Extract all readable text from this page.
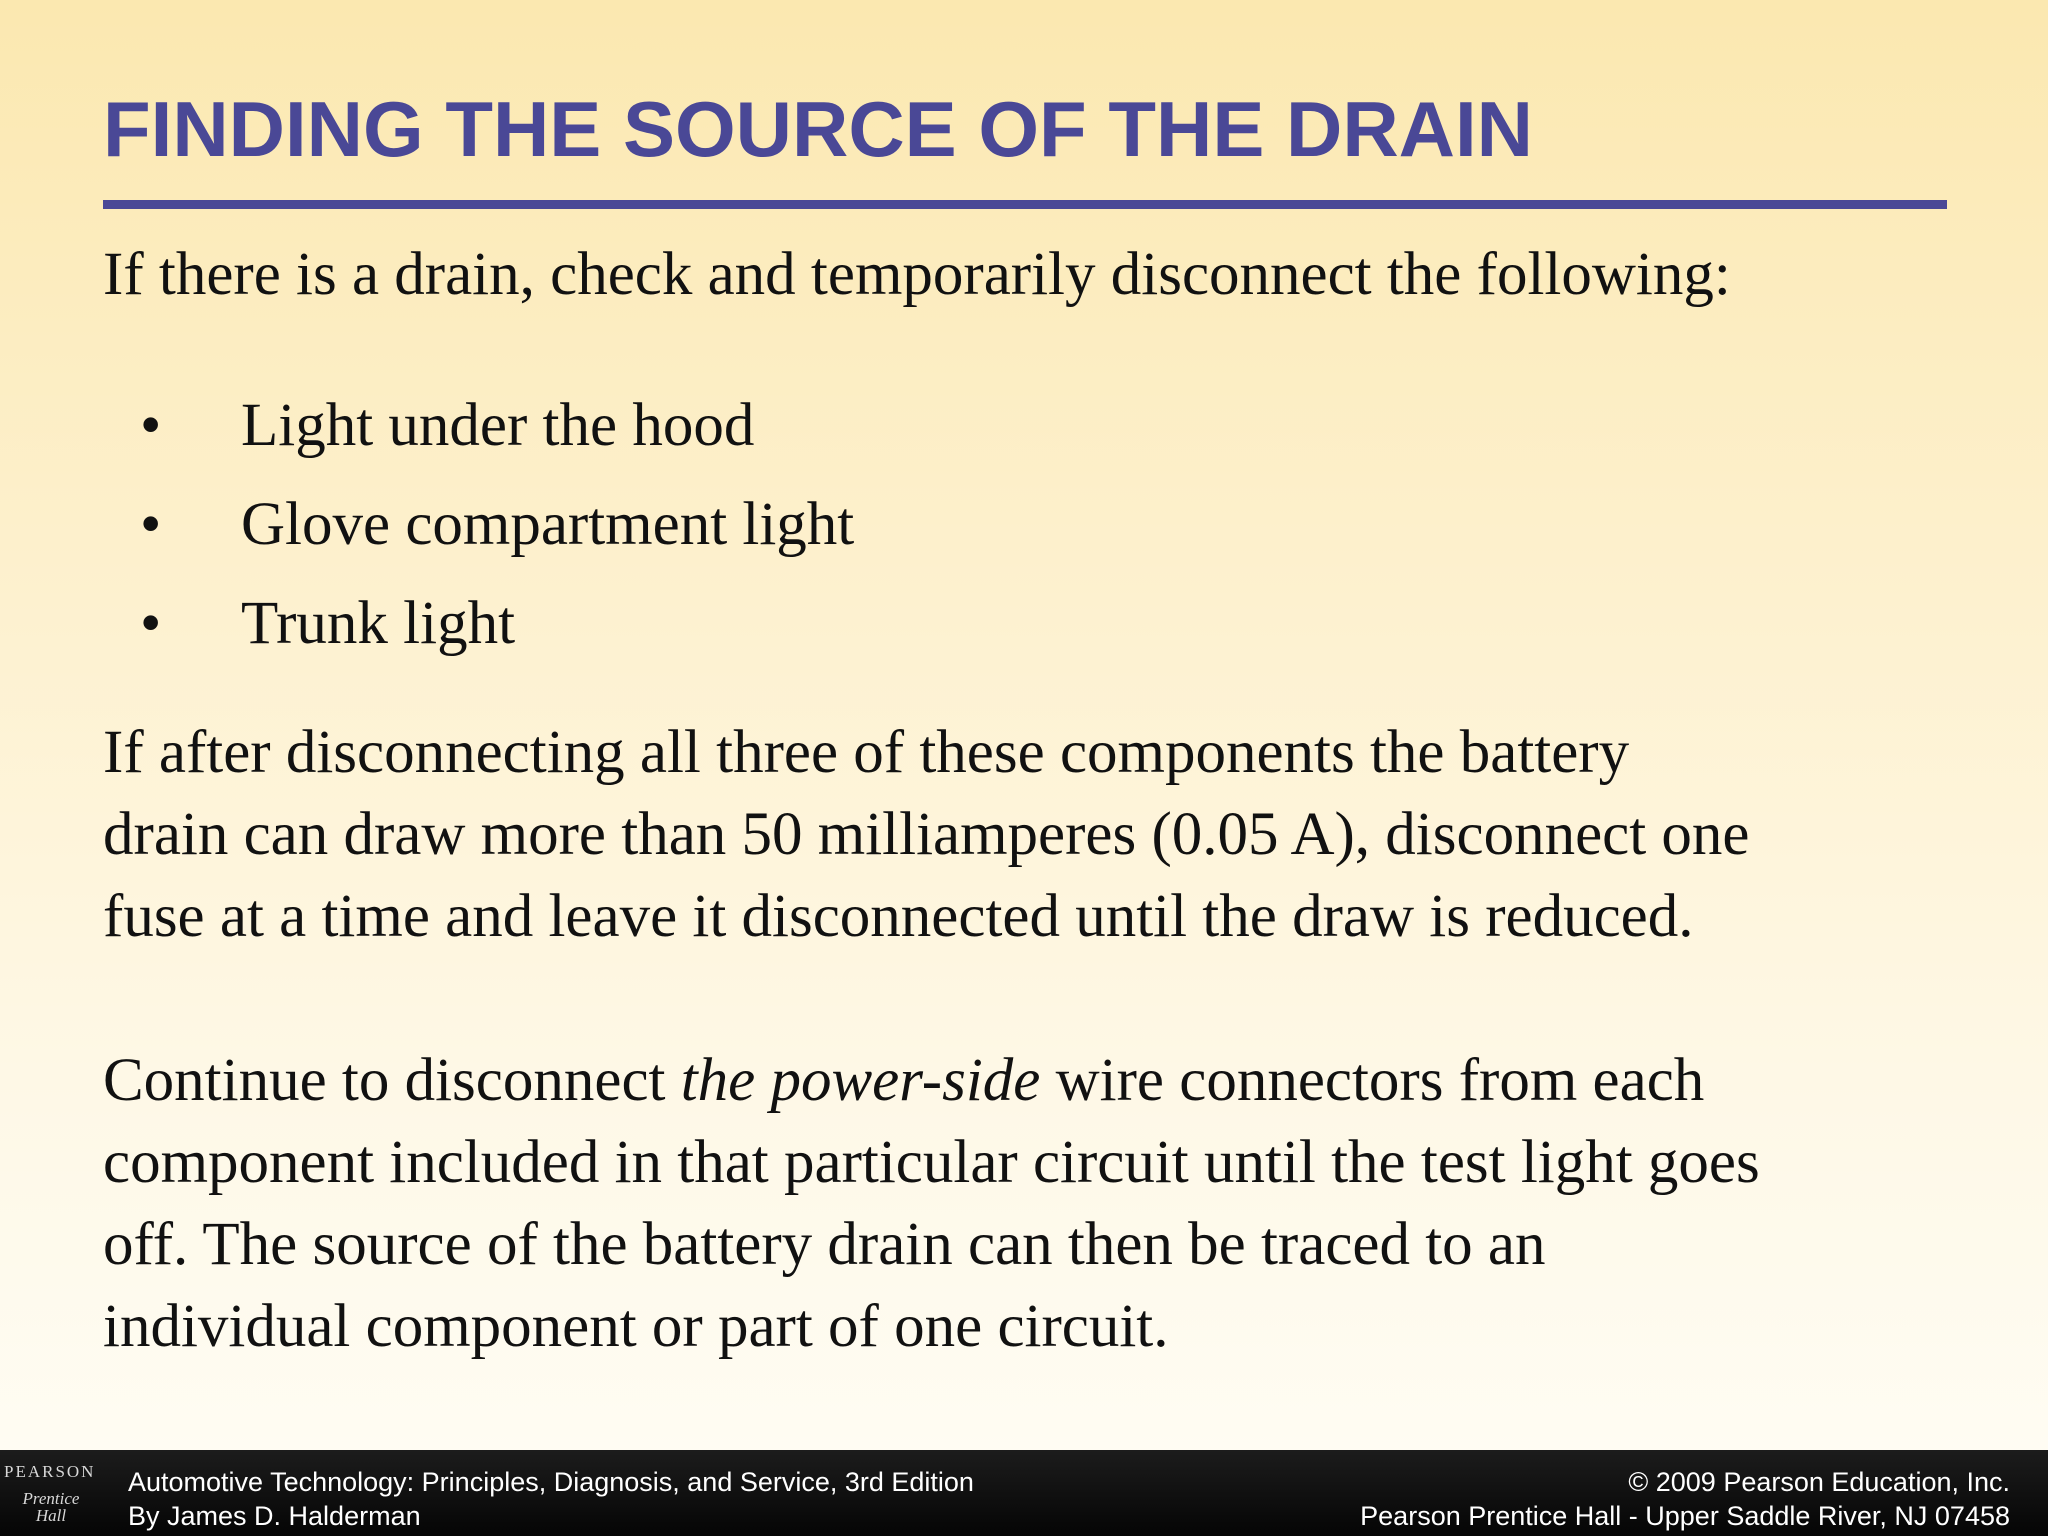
FINDING THE SOURCE OF THE DRAIN
If there is a drain, check and temporarily disconnect the following:
•	Light under the hood
•	Glove compartment light
•	Trunk light
If after disconnecting all three of these components the battery
drain can draw more than 50 milliamperes (0.05 A), disconnect one
fuse at a time and leave it disconnected until the draw is reduced.
Continue to disconnect the power-side wire connectors from each
component included in that particular circuit until the test light goes
off. The source of the battery drain can then be traced to an
individual component or part of one circuit.
PEARSON
Prentice Hall
Automotive Technology: Principles, Diagnosis, and Service, 3rd Edition
By James D. Halderman
© 2009 Pearson Education, Inc.
Pearson Prentice Hall - Upper Saddle River, NJ 07458
